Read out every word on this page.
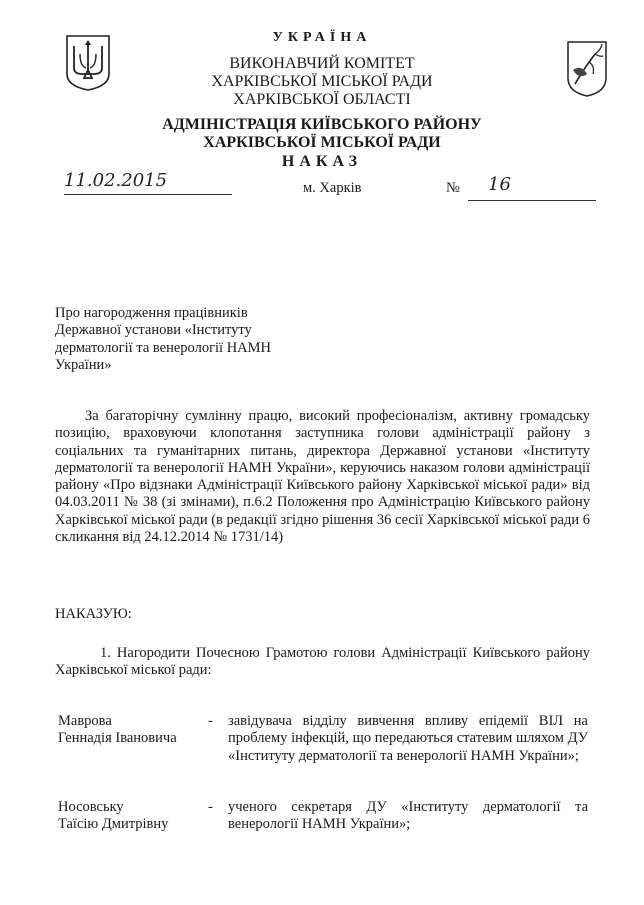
УКРАЇНА
ВИКОНАВЧИЙ КОМІТЕТ
ХАРКІВСЬКОЇ МІСЬКОЇ РАДИ
ХАРКІВСЬКОЇ ОБЛАСТІ
АДМІНІСТРАЦІЯ КИЇВСЬКОГО РАЙОНУ
ХАРКІВСЬКОЇ МІСЬКОЇ РАДИ
НАКАЗ
11.02.2015	м. Харків	№ 16
Про нагородження працівників Державної установи «Інституту дерматології та венерології НАМН України»
За багаторічну сумлінну працю, високий професіоналізм, активну громадську позицію, враховуючи клопотання заступника голови адміністрації району з соціальних та гуманітарних питань, директора Державної установи «Інституту дерматології та венерології НАМН України», керуючись наказом голови адміністрації району «Про відзнаки Адміністрації Київського району Харківської міської ради» від 04.03.2011 № 38 (зі змінами), п.6.2 Положення про Адміністрацію Київського району Харківської міської ради (в редакції згідно рішення 36 сесії Харківської міської ради 6 скликання від 24.12.2014 № 1731/14)
НАКАЗУЮ:
1. Нагородити Почесною Грамотою голови Адміністрації Київського району Харківської міської ради:
Маврова
Геннадія Івановича
- завідувача відділу вивчення впливу епідемії ВІЛ на проблему інфекцій, що передаються статевим шляхом ДУ «Інституту дерматології та венерології НАМН України»;
Носовську
Таїсію Дмитрівну
- ученого секретаря ДУ «Інституту дерматології та венерології НАМН України»;
